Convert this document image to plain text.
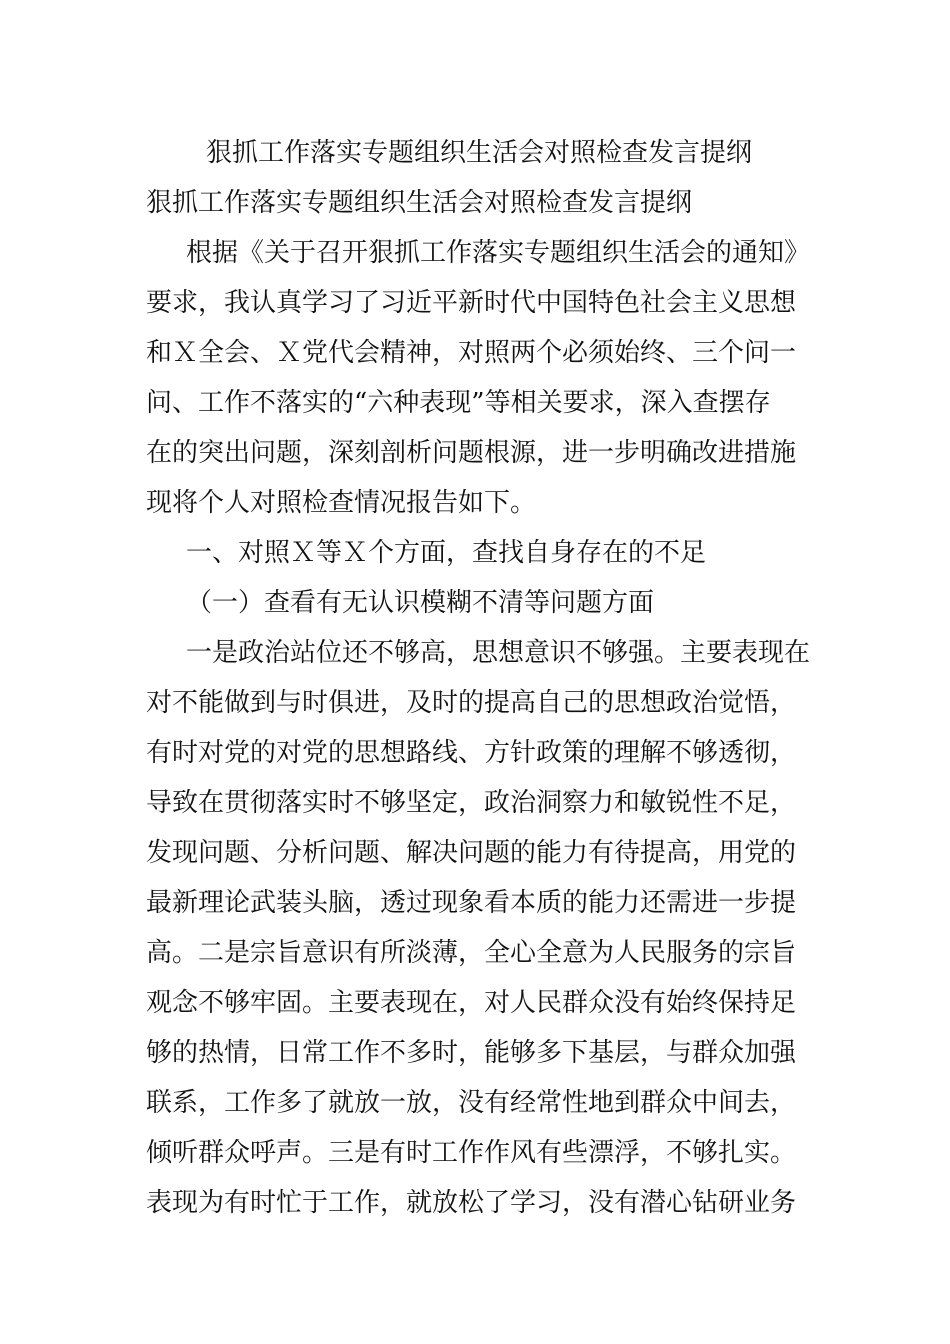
狠抓工作落实专题组织生活会对照检查发言提纲
狠抓工作落实专题组织生活会对照检查发言提纲
根据《关于召开狠抓工作落实专题组织生活会的通知》
要求，我认真学习了习近平新时代中国特色社会主义思想
和Ｘ全会、Ｘ党代会精神，对照两个必须始终、三个问一
问、工作不落实的“六种表现”等相关要求，深入查摆存
在的突出问题，深刻剖析问题根源，进一步明确改进措施
现将个人对照检查情况报告如下。
一、对照Ｘ等Ｘ个方面，查找自身存在的不足
（一）查看有无认识模糊不清等问题方面
一是政治站位还不够高，思想意识不够强。主要表现在
对不能做到与时俱进，及时的提高自己的思想政治觉悟，
有时对党的对党的思想路线、方针政策的理解不够透彻，
导致在贯彻落实时不够坚定，政治洞察力和敏锐性不足，
发现问题、分析问题、解决问题的能力有待提高，用党的
最新理论武装头脑，透过现象看本质的能力还需进一步提
高。二是宗旨意识有所淡薄，全心全意为人民服务的宗旨
观念不够牢固。主要表现在，对人民群众没有始终保持足
够的热情，日常工作不多时，能够多下基层，与群众加强
联系，工作多了就放一放，没有经常性地到群众中间去，
倾听群众呼声。三是有时工作作风有些漂浮，不够扎实。
表现为有时忙于工作，就放松了学习，没有潜心钻研业务
